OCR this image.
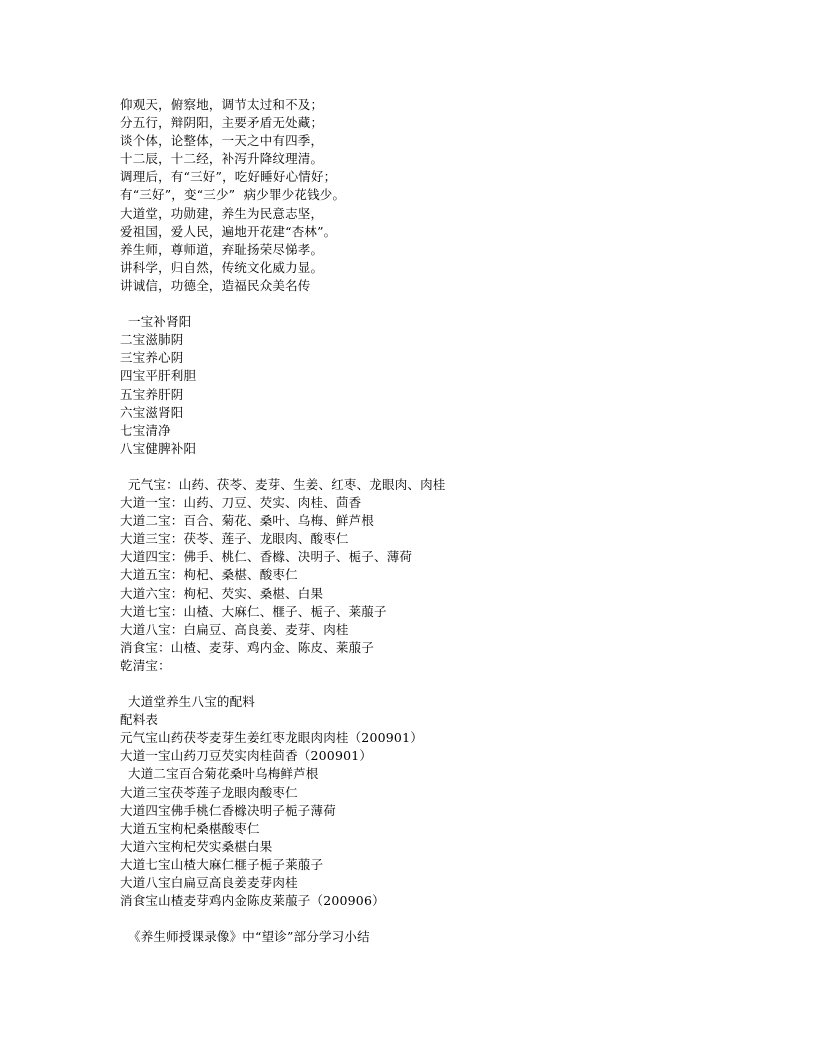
仰观天，俯察地，调节太过和不及；
分五行，辩阴阳，主要矛盾无处藏；
谈个体，论整体，一天之中有四季，
十二辰，十二经，补泻升降纹理清。
调理后，有“三好”，吃好睡好心情好；
有“三好”，变“三少”  病少罪少花钱少。
大道堂，功勋建，养生为民意志坚，
爱祖国，爱人民，遍地开花建“杏林”。
养生师，尊师道，弃耻扬荣尽悌孝。
讲科学，归自然，传统文化威力显。
讲诚信，功德全，造福民众美名传
一宝补肾阳
二宝滋肺阴
三宝养心阴
四宝平肝利胆
五宝养肝阴
六宝滋肾阳
七宝清净
八宝健脾补阳
元气宝：山药、茯苓、麦芽、生姜、红枣、龙眼肉、肉桂
大道一宝：山药、刀豆、芡实、肉桂、茴香
大道二宝：百合、菊花、桑叶、乌梅、鲜芦根
大道三宝：茯苓、莲子、龙眼肉、酸枣仁
大道四宝：佛手、桃仁、香橼、决明子、栀子、薄荷
大道五宝：枸杞、桑椹、酸枣仁
大道六宝：枸杞、芡实、桑椹、白果
大道七宝：山楂、大麻仁、榧子、栀子、莱菔子
大道八宝：白扁豆、高良姜、麦芽、肉桂
消食宝：山楂、麦芽、鸡内金、陈皮、莱菔子
乾清宝：
大道堂养生八宝的配料
配料表
元气宝山药茯苓麦芽生姜红枣龙眼肉肉桂（200901）
大道一宝山药刀豆芡实肉桂茴香（200901）
大道二宝百合菊花桑叶乌梅鲜芦根
大道三宝茯苓莲子龙眼肉酸枣仁
大道四宝佛手桃仁香橼决明子栀子薄荷
大道五宝枸杞桑椹酸枣仁
大道六宝枸杞芡实桑椹白果
大道七宝山楂大麻仁榧子栀子莱菔子
大道八宝白扁豆高良姜麦芽肉桂
消食宝山楂麦芽鸡内金陈皮莱菔子（200906）
《养生师授课录像》中“望诊”部分学习小结
